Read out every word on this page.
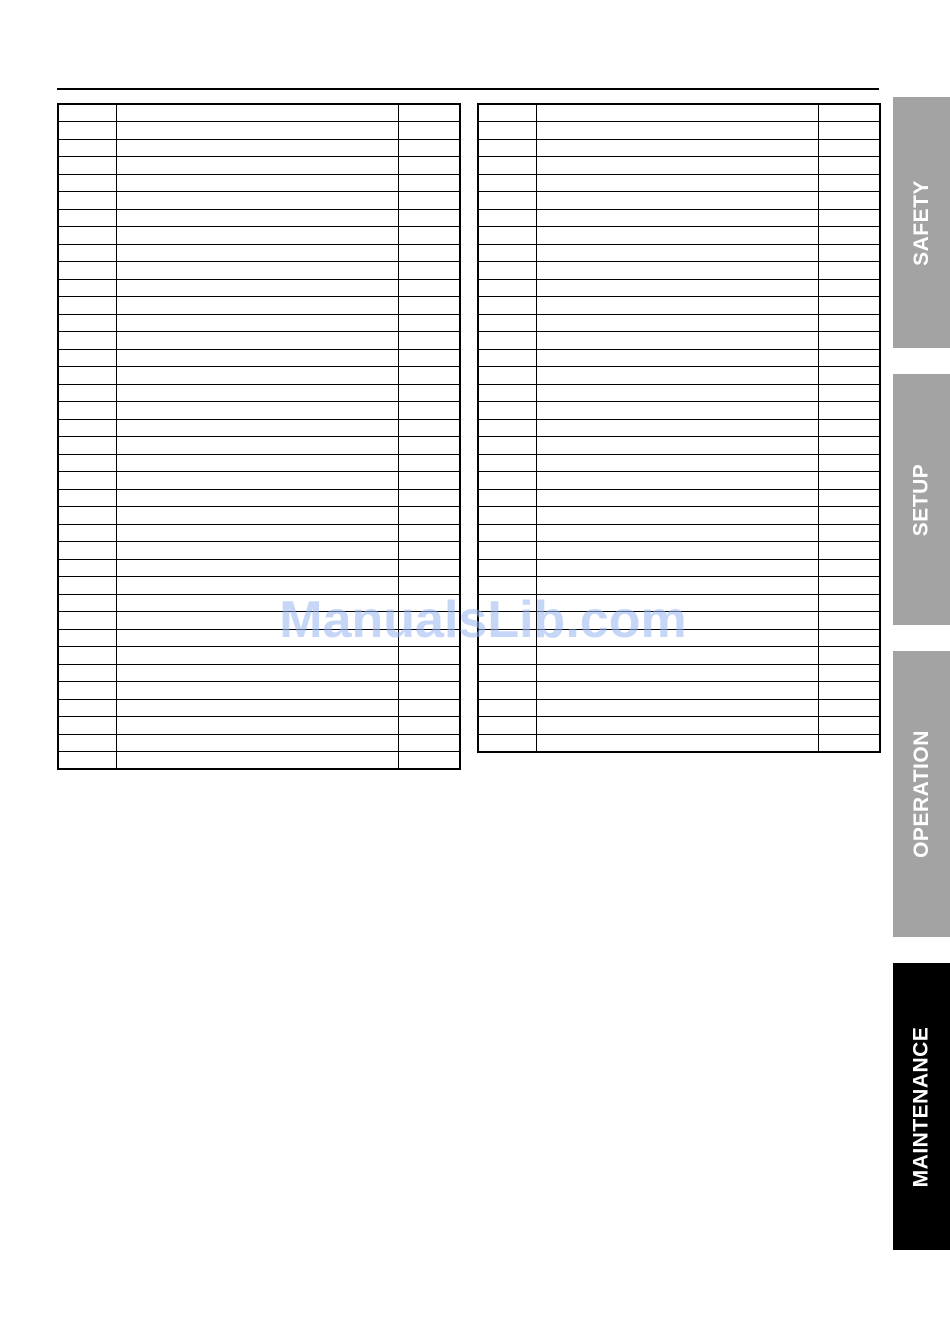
ManualsLib.com
SAFETY
SETUP
OPERATION
MAINTENANCE
